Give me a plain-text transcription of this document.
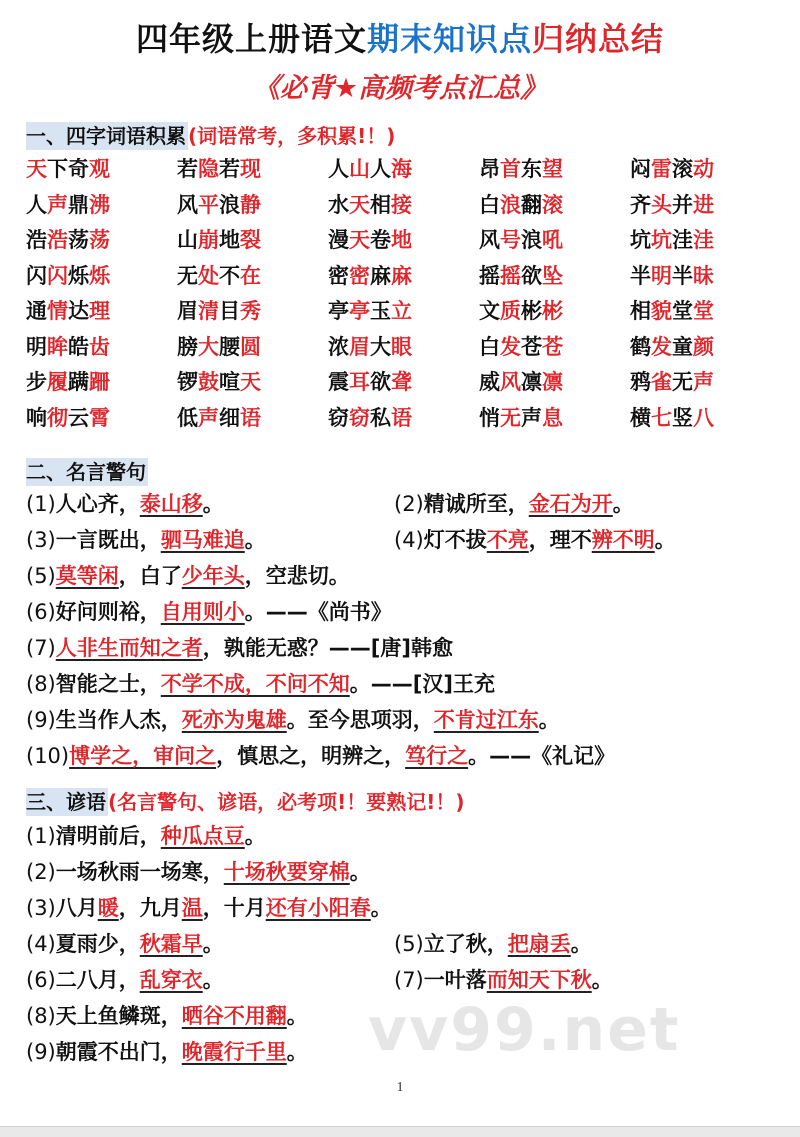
四年级上册语文期末知识点归纳总结
《必背★高频考点汇总》
一、四字词语积累 (词语常考，多积累!！)
天下奇观	若隐若现	人山人海	昂首东望	闷雷滚动
人声鼎沸	风平浪静	水天相接	白浪翻滚	齐头并进
浩浩荡荡	山崩地裂	漫天卷地	风号浪吼	坑坑洼洼
闪闪烁烁	无处不在	密密麻麻	摇摇欲坠	半明半昧
通情达理	眉清目秀	亭亭玉立	文质彬彬	相貌堂堂
明眸皓齿	膀大腰圆	浓眉大眼	白发苍苍	鹤发童颜
步履蹒跚	锣鼓喧天	震耳欲聋	威风凛凛	鸦雀无声
响彻云霄	低声细语	窃窃私语	悄无声息	横七竖八
二、名言警句
三、谚语 (名言警句、谚语，必考项!！要熟记!！)
vv99.net
1
(1)人心齐，泰山移。	(2)精诚所至，金石为开。
(3)一言既出，驷马难追。	(4)灯不拔不亮，理不辨不明。
(5)莫等闲，白了少年头，空悲切。
(6)好问则裕，自用则小。——《尚书》
(7)人非生而知之者，孰能无惑？——[唐]韩愈
(8)智能之士，不学不成，不问不知。——[汉]王充
(9)生当作人杰，死亦为鬼雄。至今思项羽，不肯过江东。
(10)博学之，审问之，慎思之，明辨之，笃行之。——《礼记》
(1)清明前后，种瓜点豆。
(2)一场秋雨一场寒，十场秋要穿棉。
(3)八月暖，九月温，十月还有小阳春。
(4)夏雨少，秋霜早。	(5)立了秋，把扇丢。
(6)二八月，乱穿衣。	(7)一叶落而知天下秋。
(8)天上鱼鳞斑，晒谷不用翻。
(9)朝霞不出门，晚霞行千里。
